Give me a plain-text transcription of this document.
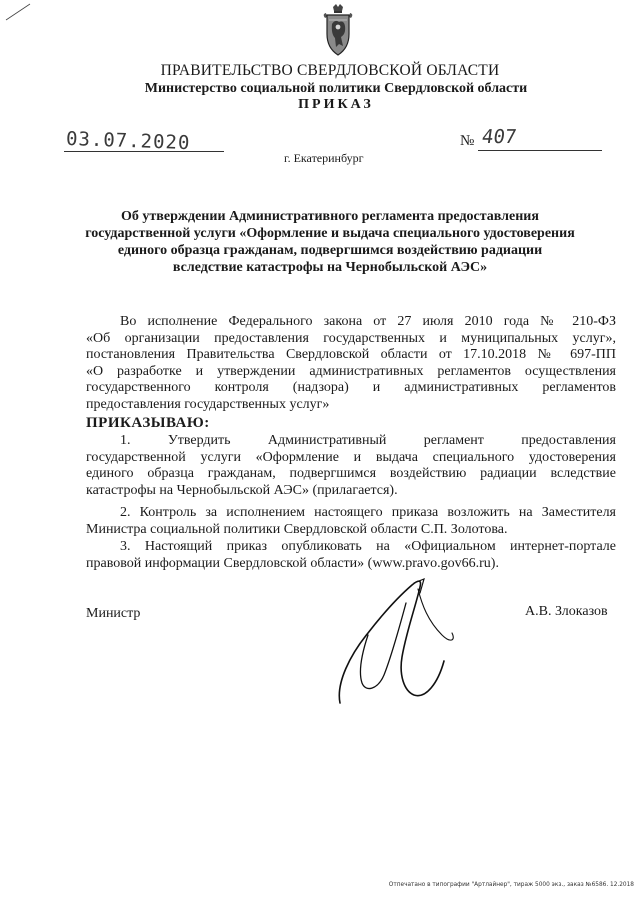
ПРАВИТЕЛЬСТВО СВЕРДЛОВСКОЙ ОБЛАСТИ
Министерство социальной политики Свердловской области
ПРИКАЗ
03.07.2020	№ 407
г. Екатеринбург
Об утверждении Административного регламента предоставления
государственной услуги «Оформление и выдача специального удостоверения
единого образца гражданам, подвергшимся воздействию радиации
вследствие катастрофы на Чернобыльской АЭС»
Во исполнение Федерального закона от 27 июля 2010 года № 210-ФЗ
«Об организации предоставления государственных и муниципальных услуг»,
постановления Правительства Свердловской области от 17.10.2018 № 697-ПП
«О разработке и утверждении административных регламентов осуществления
государственного контроля (надзора) и административных регламентов
предоставления государственных услуг»
ПРИКАЗЫВАЮ:
1. Утвердить Административный регламент предоставления
государственной услуги «Оформление и выдача специального удостоверения
единого образца гражданам, подвергшимся воздействию радиации вследствие
катастрофы на Чернобыльской АЭС» (прилагается).
2. Контроль за исполнением настоящего приказа возложить на Заместителя
Министра социальной политики Свердловской области С.П. Золотова.
3. Настоящий приказ опубликовать на «Официальном интернет-портале
правовой информации Свердловской области» (www.pravo.gov66.ru).
Министр	А.В. Злоказов
Отпечатано в типографии "Артлайнер", тираж 5000 экз., заказ №6586. 12.2018
